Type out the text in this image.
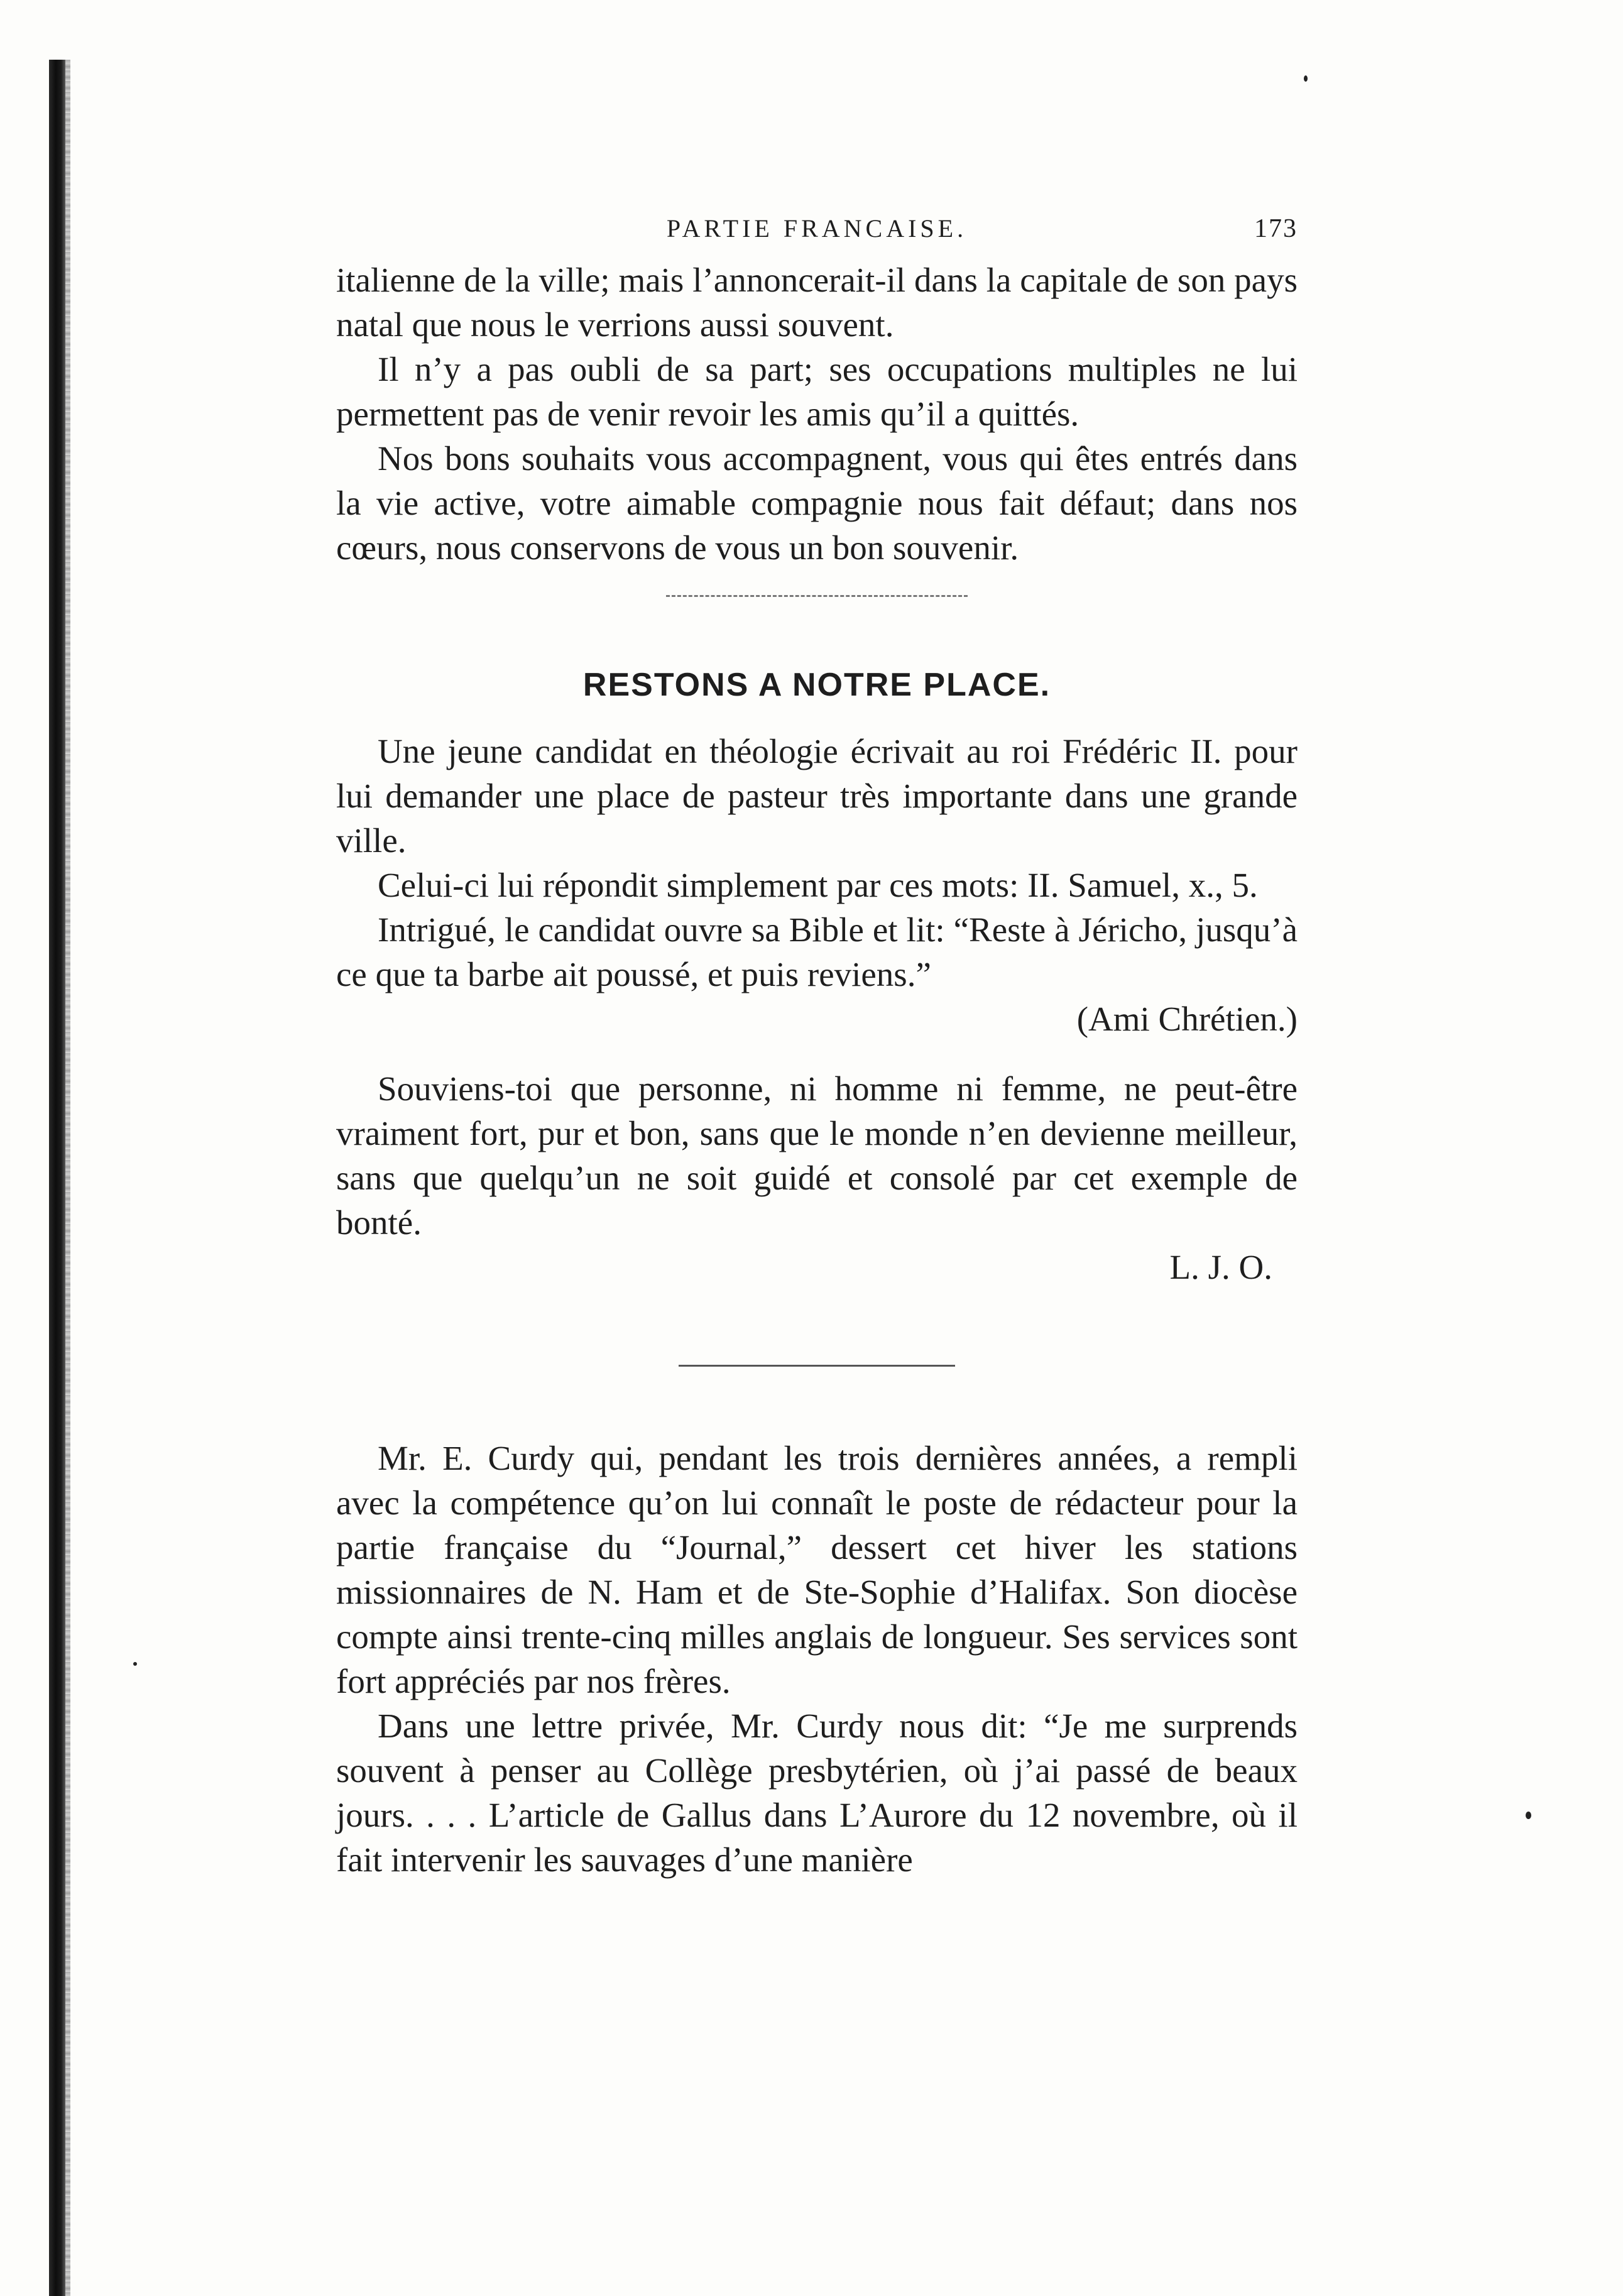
PARTIE FRANCAISE.	173

italienne de la ville; mais l’annoncerait-il dans la capitale de son pays natal que nous le verrions aussi souvent.

Il n’y a pas oubli de sa part; ses occupations multiples ne lui permettent pas de venir revoir les amis qu’il a quittés.

Nos bons souhaits vous accompagnent, vous qui êtes entrés dans la vie active, votre aimable compagnie nous fait défaut; dans nos cœurs, nous conservons de vous un bon souvenir.

RESTONS A NOTRE PLACE.

Une jeune candidat en théologie écrivait au roi Frédéric II. pour lui demander une place de pasteur très importante dans une grande ville.

Celui-ci lui répondit simplement par ces mots: II. Samuel, x., 5.

Intrigué, le candidat ouvre sa Bible et lit: “Reste à Jéricho, jusqu’à ce que ta barbe ait poussé, et puis reviens.”

(Ami Chrétien.)

Souviens-toi que personne, ni homme ni femme, ne peut-être vraiment fort, pur et bon, sans que le monde n’en devienne meilleur, sans que quelqu’un ne soit guidé et consolé par cet exemple de bonté.

L. J. O.

Mr. E. Curdy qui, pendant les trois dernières années, a rempli avec la compétence qu’on lui connaît le poste de rédacteur pour la partie française du “Journal,” dessert cet hiver les stations missionnaires de N. Ham et de Ste-Sophie d’Halifax. Son diocèse compte ainsi trente-cinq milles anglais de longueur. Ses services sont fort appréciés par nos frères.

Dans une lettre privée, Mr. Curdy nous dit: “Je me surprends souvent à penser au Collège presbytérien, où j’ai passé de beaux jours. . . . L’article de Gallus dans L’Aurore du 12 novembre, où il fait intervenir les sauvages d’une manière
